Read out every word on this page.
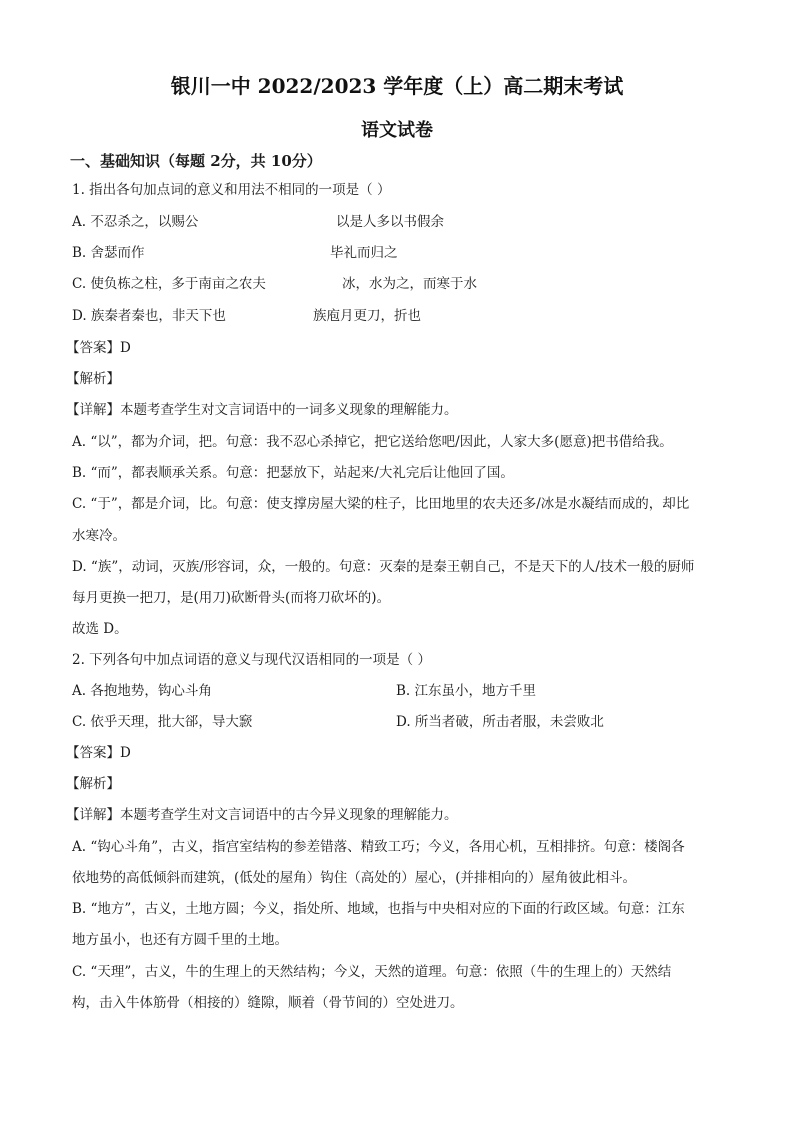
银川一中 2022/2023 学年度（上）高二期末考试
语文试卷
一、基础知识（每题 2分，共 10分）
1. 指出各句加点词的意义和用法不相同的一项是（ ）
A. 不忍杀之，以赐公	以是人多以书假余
B. 舍瑟而作	毕礼而归之
C. 使负栋之柱，多于南亩之农夫	冰，水为之，而寒于水
D. 族秦者秦也，非天下也	族庖月更刀，折也
【答案】D
【解析】
【详解】本题考查学生对文言词语中的一词多义现象的理解能力。
A. “以”，都为介词，把。句意：我不忍心杀掉它，把它送给您吧/因此，人家大多(愿意)把书借给我。
B. “而”，都表顺承关系。句意：把瑟放下，站起来/大礼完后让他回了国。
C. “于”，都是介词，比。句意：使支撑房屋大梁的柱子，比田地里的农夫还多/冰是水凝结而成的，却比
水寒冷。
D. “族”，动词，灭族/形容词，众，一般的。句意：灭秦的是秦王朝自己，不是天下的人/技术一般的厨师
每月更换一把刀，是(用刀)砍断骨头(而将刀砍坏的)。
故选 D。
2. 下列各句中加点词语的意义与现代汉语相同的一项是（ ）
A. 各抱地势，钩心斗角	B. 江东虽小，地方千里
C. 依乎天理，批大郤，导大窾	D. 所当者破，所击者服，未尝败北
【答案】D
【解析】
【详解】本题考查学生对文言词语中的古今异义现象的理解能力。
A. “钩心斗角”，古义，指宫室结构的参差错落、精致工巧；今义，各用心机，互相排挤。句意：楼阁各
依地势的高低倾斜而建筑，(低处的屋角）钩住（高处的）屋心，(并排相向的）屋角彼此相斗。
B. “地方”，古义，土地方圆；今义，指处所、地域，也指与中央相对应的下面的行政区域。句意：江东
地方虽小，也还有方圆千里的土地。
C. “天理”，古义，牛的生理上的天然结构；今义，天然的道理。句意：依照（牛的生理上的）天然结
构，击入牛体筋骨（相接的）缝隙，顺着（骨节间的）空处进刀。
